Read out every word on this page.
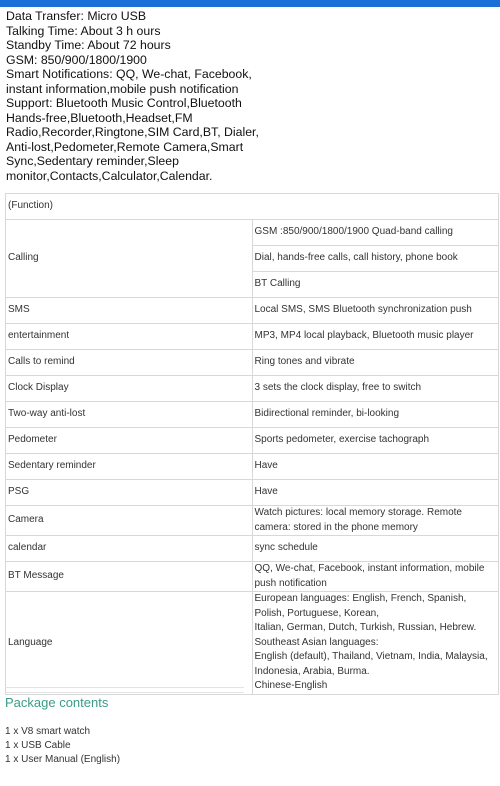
Data Transfer: Micro USB
Talking Time: About 3 h ours
Standby Time: About 72 hours
GSM: 850/900/1800/1900
Smart Notifications: QQ, We-chat, Facebook,
instant information,mobile push notification
Support: Bluetooth Music Control,Bluetooth
Hands-free,Bluetooth,Headset,FM
Radio,Recorder,Ringtone,SIM Card,BT, Dialer,
Anti-lost,Pedometer,Remote Camera,Smart
Sync,Sedentary reminder,Sleep
monitor,Contacts,Calculator,Calendar.
(Function)	
Calling	GSM :850/900/1800/1900 Quad-band calling
	Dial, hands-free calls, call history, phone book
	BT Calling
SMS	Local SMS, SMS Bluetooth synchronization push
entertainment	MP3, MP4 local playback, Bluetooth music player
Calls to remind	Ring tones and vibrate
Clock Display	3 sets the clock display, free to switch
Two-way anti-lost	Bidirectional reminder, bi-looking
Pedometer	Sports pedometer, exercise tachograph
Sedentary reminder	Have
PSG	Have
Camera	Watch pictures: local memory storage. Remote camera: stored in the phone memory
calendar	sync schedule
BT Message	QQ, We-chat, Facebook, instant information, mobile push notification
Language	European languages: English, French, Spanish, Polish, Portuguese, Korean,
Italian, German, Dutch, Turkish, Russian, Hebrew. Southeast Asian languages:
English (default), Thailand, Vietnam, India, Malaysia, Indonesia, Arabia, Burma.
Chinese-English
Package contents
1 x V8 smart watch
1 x USB Cable
1 x User Manual (English)
